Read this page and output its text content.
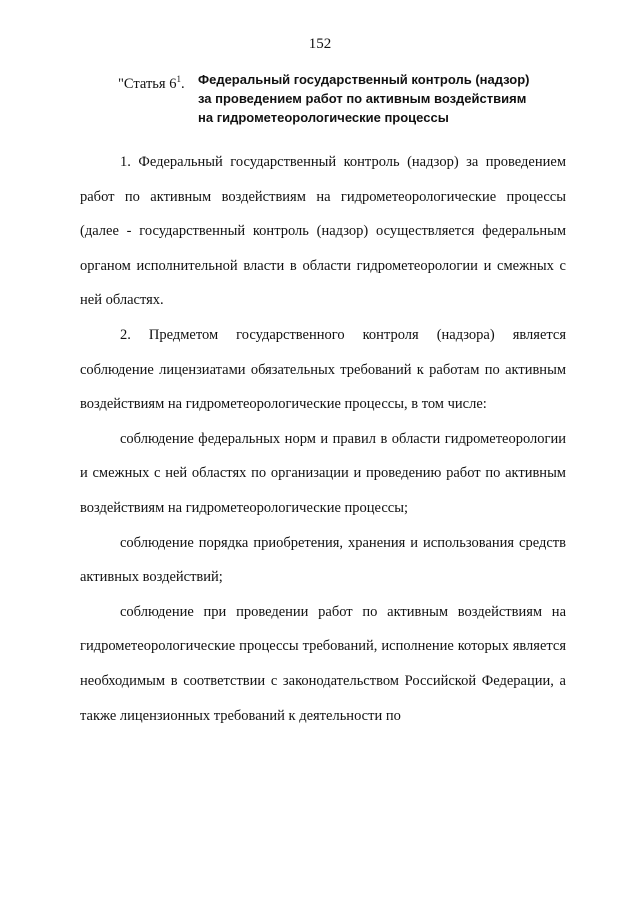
152
"Статья $6^1$. Федеральный государственный контроль (надзор)
за проведением работ по активным воздействиям
на гидрометеорологические процессы

1. Федеральный государственный контроль (надзор) за проведением работ по активным воздействиям на гидрометеорологические процессы (далее - государственный контроль (надзор) осуществляется федеральным органом исполнительной власти в области гидрометеорологии и смежных с ней областях.

2. Предметом государственного контроля (надзора) является соблюдение лицензиатами обязательных требований к работам по активным воздействиям на гидрометеорологические процессы, в том числе:

соблюдение федеральных норм и правил в области гидрометеорологии и смежных с ней областях по организации и проведению работ по активным воздействиям на гидрометеорологические процессы;

соблюдение порядка приобретения, хранения и использования средств активных воздействий;

соблюдение при проведении работ по активным воздействиям на гидрометеорологические процессы требований, исполнение которых является необходимым в соответствии с законодательством Российской Федерации, а также лицензионных требований к деятельности по
